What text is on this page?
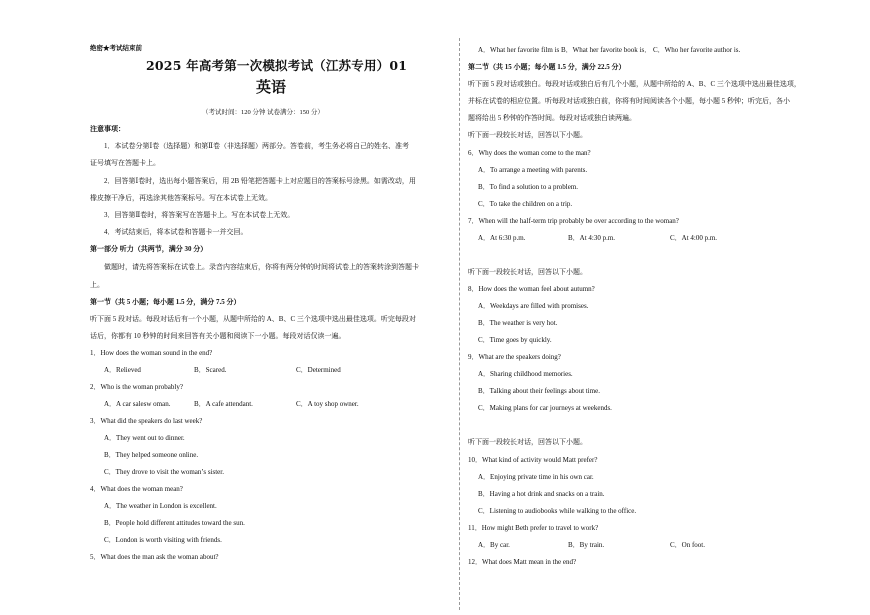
绝密★考试结束前
2025 年高考第一次模拟考试（江苏专用）01
英语
（考试时间：120 分钟 试卷满分：150 分）
注意事项：
1．本试卷分第Ⅰ卷（选择题）和第Ⅱ卷（非选择题）两部分。答卷前，考生务必将自己的姓名、准考
证号填写在答题卡上。
2．回答第Ⅰ卷时，选出每小题答案后，用 2B 铅笔把答题卡上对应题目的答案标号涂黑。如需改动，用
橡皮擦干净后，再选涂其他答案标号。写在本试卷上无效。
3．回答第Ⅱ卷时，将答案写在答题卡上。写在本试卷上无效。
4．考试结束后，将本试卷和答题卡一并交回。
第一部分 听力（共两节，满分 30 分）
做题时，请先将答案标在试卷上。录音内容结束后，你将有两分钟的时间将试卷上的答案转涂到答题卡
上。
第一节（共 5 小题；每小题 1.5 分，满分 7.5 分）
听下面 5 段对话。每段对话后有一个小题，从题中所给的 A、B、C 三个选项中选出最佳选项。听完每段对
话后，你都有 10 秒钟的时间来回答有关小题和阅读下一小题。每段对话仅读一遍。
1．How does the woman sound in the end?
A．Relieved	B．Scared.	C．Determined
2．Who is the woman probably?
A．A car salesw oman.	B．A cafe attendant.	C．A toy shop owner.
3．What did the speakers do last week?
A．They went out to dinner.
B．They helped someone online.
C．They drove to visit the woman’s sister.
4．What does the woman mean?
A．The weather in London is excellent.
B．People hold different attitudes toward the sun.
C．London is worth visiting with friends.
5．What does the man ask the woman about?
A．What her favorite film is B．What her favorite book is． C．Who her favorite author is.
第二节（共 15 小题；每小题 1.5 分，满分 22.5 分）
听下面 5 段对话或独白。每段对话或独白后有几个小题，从题中所给的 A、B、C 三个选项中选出最佳选项，
并标在试卷的相应位置。听每段对话或独白前，你将有时间阅读各个小题，每小题 5 秒钟；听完后，各小
题将给出 5 秒钟的作答时间。每段对话或独白读两遍。
听下面一段较长对话，回答以下小题。
6．Why does the woman come to the man?
A．To arrange a meeting with parents.
B．To find a solution to a problem.
C．To take the children on a trip.
7．When will the half-term trip probably be over according to the woman?
A．At 6:30 p.m.	B．At 4:30 p.m.	C．At 4:00 p.m.
听下面一段较长对话，回答以下小题。
8．How does the woman feel about autumn?
A．Weekdays are filled with promises.
B．The weather is very hot.
C．Time goes by quickly.
9．What are the speakers doing?
A．Sharing childhood memories.
B．Talking about their feelings about time.
C．Making plans for car journeys at weekends.
听下面一段较长对话，回答以下小题。
10．What kind of activity would Matt prefer?
A．Enjoying private time in his own car.
B．Having a hot drink and snacks on a train.
C．Listening to audiobooks while walking to the office.
11．How might Beth prefer to travel to work?
A．By car.	B．By train.	C．On foot.
12．What does Matt mean in the end?
